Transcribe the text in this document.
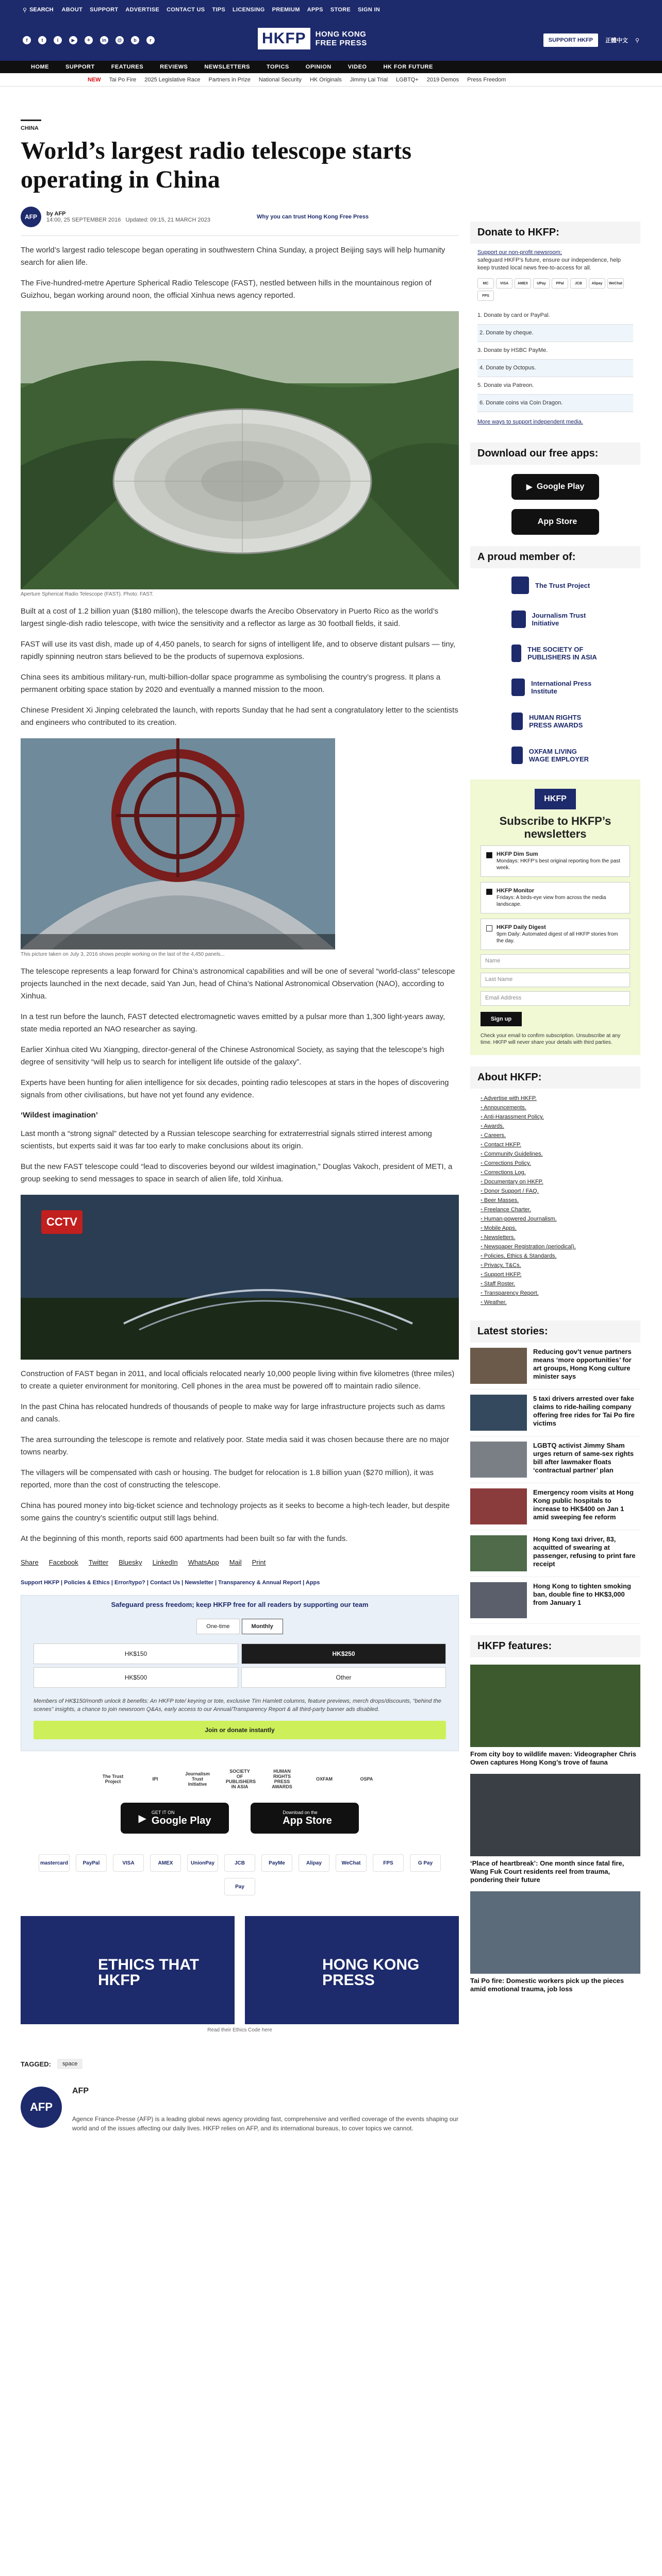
⚲ SEARCH ABOUT SUPPORT ADVERTISE CONTACT US TIPS LICENSING PREMIUM APPS STORE SIGN IN
f	t	i	▶	✈	in	@	b	r	HKFP	HONG KONG
FREE PRESS	SUPPORT HKFP	正體中文 ⚲
HOME	SUPPORT	FEATURES	REVIEWS	NEWSLETTERS	TOPICS	OPINION	VIDEO	HK FOR FUTURE
NEW Tai Po Fire 2025 Legislative Race Partners in Prize National Security HK Originals Jimmy Lai Trial LGBTQ+ 2019 Demos Press Freedom
CHINA
World’s largest radio telescope starts operating in China
AFP	by AFP
14:00, 25 SEPTEMBER 2016 Updated: 09:15, 21 MARCH 2023	Why you can trust Hong Kong Free Press

The world’s largest radio telescope began operating in southwestern China Sunday, a project Beijing says will help humanity search for alien life.

The Five-hundred-metre Aperture Spherical Radio Telescope (FAST), nestled between hills in the mountainous region of Guizhou, began working around noon, the official Xinhua news agency reported.

Aperture Spherical Radio Telescope (FAST). Photo: FAST.

Built at a cost of 1.2 billion yuan ($180 million), the telescope dwarfs the Arecibo Observatory in Puerto Rico as the world’s largest single-dish radio telescope, with twice the sensitivity and a reflector as large as 30 football fields, it said.

FAST will use its vast dish, made up of 4,450 panels, to search for signs of intelligent life, and to observe distant pulsars — tiny, rapidly spinning neutron stars believed to be the products of supernova explosions.

China sees its ambitious military-run, multi-billion-dollar space programme as symbolising the country’s progress. It plans a permanent orbiting space station by 2020 and eventually a manned mission to the moon.

Chinese President Xi Jinping celebrated the launch, with reports Sunday that he had sent a congratulatory letter to the scientists and engineers who contributed to its creation.

This picture taken on July 3, 2016 shows people working on the last of the 4,450 panels...

The telescope represents a leap forward for China’s astronomical capabilities and will be one of several “world-class” telescope projects launched in the next decade, said Yan Jun, head of China’s National Astronomical Observation (NAO), according to Xinhua.

In a test run before the launch, FAST detected electromagnetic waves emitted by a pulsar more than 1,300 light-years away, state media reported an NAO researcher as saying.

Earlier Xinhua cited Wu Xiangping, director-general of the Chinese Astronomical Society, as saying that the telescope’s high degree of sensitivity “will help us to search for intelligent life outside of the galaxy”.

Experts have been hunting for alien intelligence for six decades, pointing radio telescopes at stars in the hopes of discovering signals from other civilisations, but have not yet found any evidence.

‘Wildest imagination’

Last month a “strong signal” detected by a Russian telescope searching for extraterrestrial signals stirred interest among scientists, but experts said it was far too early to make conclusions about its origin.

But the new FAST telescope could “lead to discoveries beyond our wildest imagination,” Douglas Vakoch, president of METI, a group seeking to send messages to space in search of alien life, told Xinhua.

CCTV

Construction of FAST began in 2011, and local officials relocated nearly 10,000 people living within five kilometres (three miles) to create a quieter environment for monitoring. Cell phones in the area must be powered off to maintain radio silence.

In the past China has relocated hundreds of thousands of people to make way for large infrastructure projects such as dams and canals.

The area surrounding the telescope is remote and relatively poor. State media said it was chosen because there are no major towns nearby.

The villagers will be compensated with cash or housing. The budget for relocation is 1.8 billion yuan ($270 million), it was reported, more than the cost of constructing the telescope.

China has poured money into big-ticket science and technology projects as it seeks to become a high-tech leader, but despite some gains the country’s scientific output still lags behind.

At the beginning of this month, reports said 600 apartments had been built so far with the funds.

Share Facebook Twitter Bluesky LinkedIn WhatsApp Mail Print
Support HKFP | Policies & Ethics | Error/typo? | Contact Us | Newsletter | Transparency & Annual Report | Apps
Safeguard press freedom; keep HKFP free for all readers by supporting our team
One-time	Monthly
HK$150	HK$250
HK$500	Other
Members of HK$150/month unlock 8 benefits: An HKFP tote/ keyring or tote, exclusive Tim Hamlett columns, feature previews, merch drops/discounts, “behind the scenes” insights, a chance to join newsroom Q&As, early access to our Annual/Transparency Report & all third-party banner ads disabled.
Join or donate instantly
The Trust Project	IPI
Journalism Trust Initiative
SOCIETY OF PUBLISHERS IN ASIA
HUMAN RIGHTS PRESS AWARDS
OXFAM	OSPA
▶
GET IT ON
Google Play
Download on the
App Store
mastercard	PayPal	VISA	AMEX	UnionPay	JCB	PayMe	Alipay	WeChat	FPS	G Pay
Pay
ETHICS THAT HKFP
HONG KONG PRESS
Read their Ethics Code here
TAGGED:	space
AFP
AFP
Agence France-Presse (AFP) is a leading global news agency providing fast, comprehensive and verified coverage of the events shaping our world and of the issues affecting our daily lives. HKFP relies on AFP, and its international bureaus, to cover topics we cannot.
Donate to HKFP:
Support our non-profit newsroom;
safeguard HKFP’s future, ensure our independence, help keep trusted local news free-to-access for all.
MC	VISA	AMEX	UPay	PPal	JCB	Alipay	WeChat
FPS
1. Donate by card or PayPal.
2. Donate by cheque.
3. Donate by HSBC PayMe.
4. Donate by Octopus.
5. Donate via Patreon.
6. Donate coins via Coin Dragon.
More ways to support independent media.
Download our free apps:
▶ Google Play
App Store
A proud member of:
The Trust Project
Journalism Trust Initiative
THE SOCIETY OF PUBLISHERS IN ASIA
International Press Institute
HUMAN RIGHTS PRESS AWARDS
OXFAM LIVING WAGE EMPLOYER
HKFP
Subscribe to HKFP’s newsletters
HKFP Dim Sum
Mondays: HKFP’s best original reporting from the past week.
HKFP Monitor
Fridays: A birds-eye view from across the media landscape.
HKFP Daily Digest
9pm Daily: Automated digest of all HKFP stories from the day.
Name
Last Name
Email Address
Sign up
Check your email to confirm subscription. Unsubscribe at any time. HKFP will never share your details with third parties.
About HKFP:
• Advertise with HKFP.
• Announcements.
• Anti-Harassment Policy.
• Awards.
• Careers.
• Contact HKFP.
• Community Guidelines.
• Corrections Policy.
• Corrections Log.
• Documentary on HKFP.
• Donor Support / FAQ.
• Beer Masses.
• Freelance Charter.
• Human-powered Journalism.
• Mobile Apps.
• Newsletters.
• Newspaper Registration (periodical).
• Policies, Ethics & Standards.
• Privacy, T&Cs.
• Support HKFP.
• Staff Roster.
• Transparency Report.
• Weather.
Latest stories:
Reducing gov’t venue partners means ‘more opportunities’ for art groups, Hong Kong culture minister says
5 taxi drivers arrested over fake claims to ride-hailing company offering free rides for Tai Po fire victims
LGBTQ activist Jimmy Sham urges return of same-sex rights bill after lawmaker floats ‘contractual partner’ plan
Emergency room visits at Hong Kong public hospitals to increase to HK$400 on Jan 1 amid sweeping fee reform
Hong Kong taxi driver, 83, acquitted of swearing at passenger, refusing to print fare receipt
Hong Kong to tighten smoking ban, double fine to HK$3,000 from January 1
HKFP features:
From city boy to wildlife maven: Videographer Chris Owen captures Hong Kong’s trove of fauna
‘Place of heartbreak’: One month since fatal fire, Wang Fuk Court residents reel from trauma, pondering their future
Tai Po fire: Domestic workers pick up the pieces amid emotional trauma, job loss
